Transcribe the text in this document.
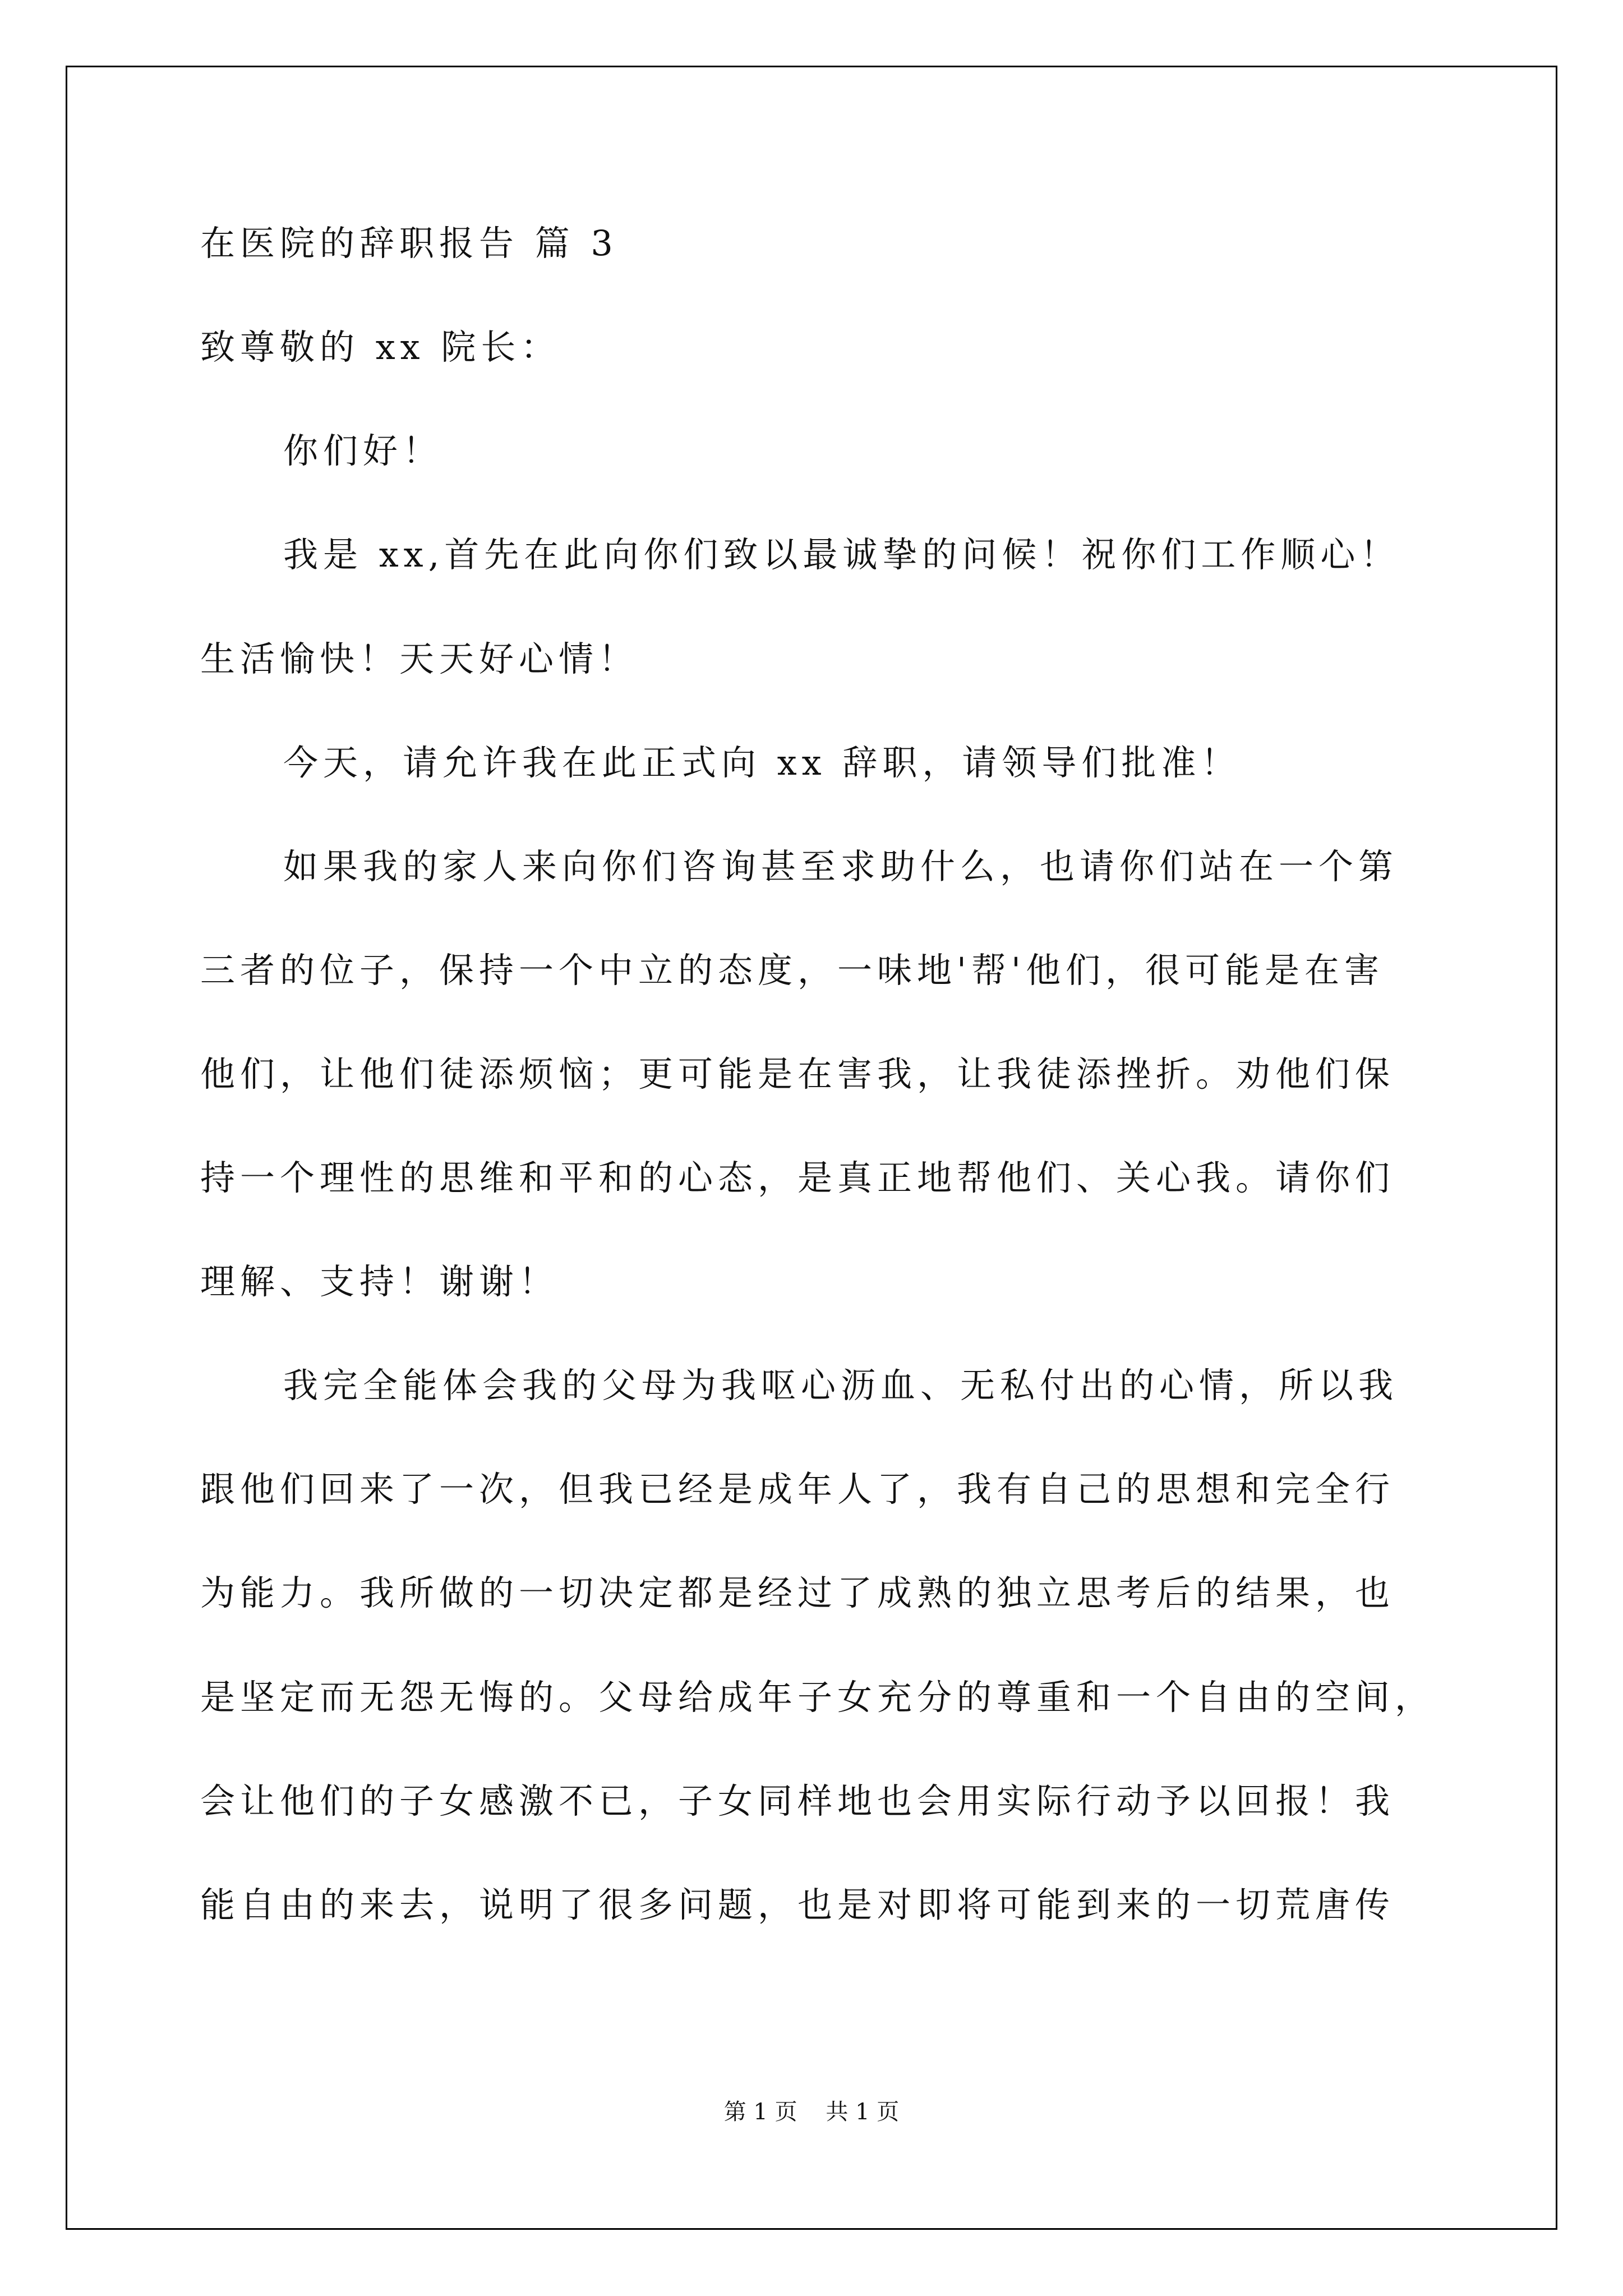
在医院的辞职报告 篇 3

致尊敬的 xx 院长：

你们好！

我是 xx,首先在此向你们致以最诚挚的问候！祝你们工作顺心！

生活愉快！天天好心情！

今天，请允许我在此正式向 xx 辞职，请领导们批准！

如果我的家人来向你们咨询甚至求助什么，也请你们站在一个第

三者的位子，保持一个中立的态度，一味地'帮'他们，很可能是在害

他们，让他们徒添烦恼；更可能是在害我，让我徒添挫折。劝他们保

持一个理性的思维和平和的心态，是真正地帮他们、关心我。请你们

理解、支持！谢谢！

我完全能体会我的父母为我呕心沥血、无私付出的心情，所以我

跟他们回来了一次，但我已经是成年人了，我有自己的思想和完全行

为能力。我所做的一切决定都是经过了成熟的独立思考后的结果，也

是坚定而无怨无悔的。父母给成年子女充分的尊重和一个自由的空间，

会让他们的子女感激不已，子女同样地也会用实际行动予以回报！我

能自由的来去，说明了很多问题，也是对即将可能到来的一切荒唐传

第 1 页    共 1 页
